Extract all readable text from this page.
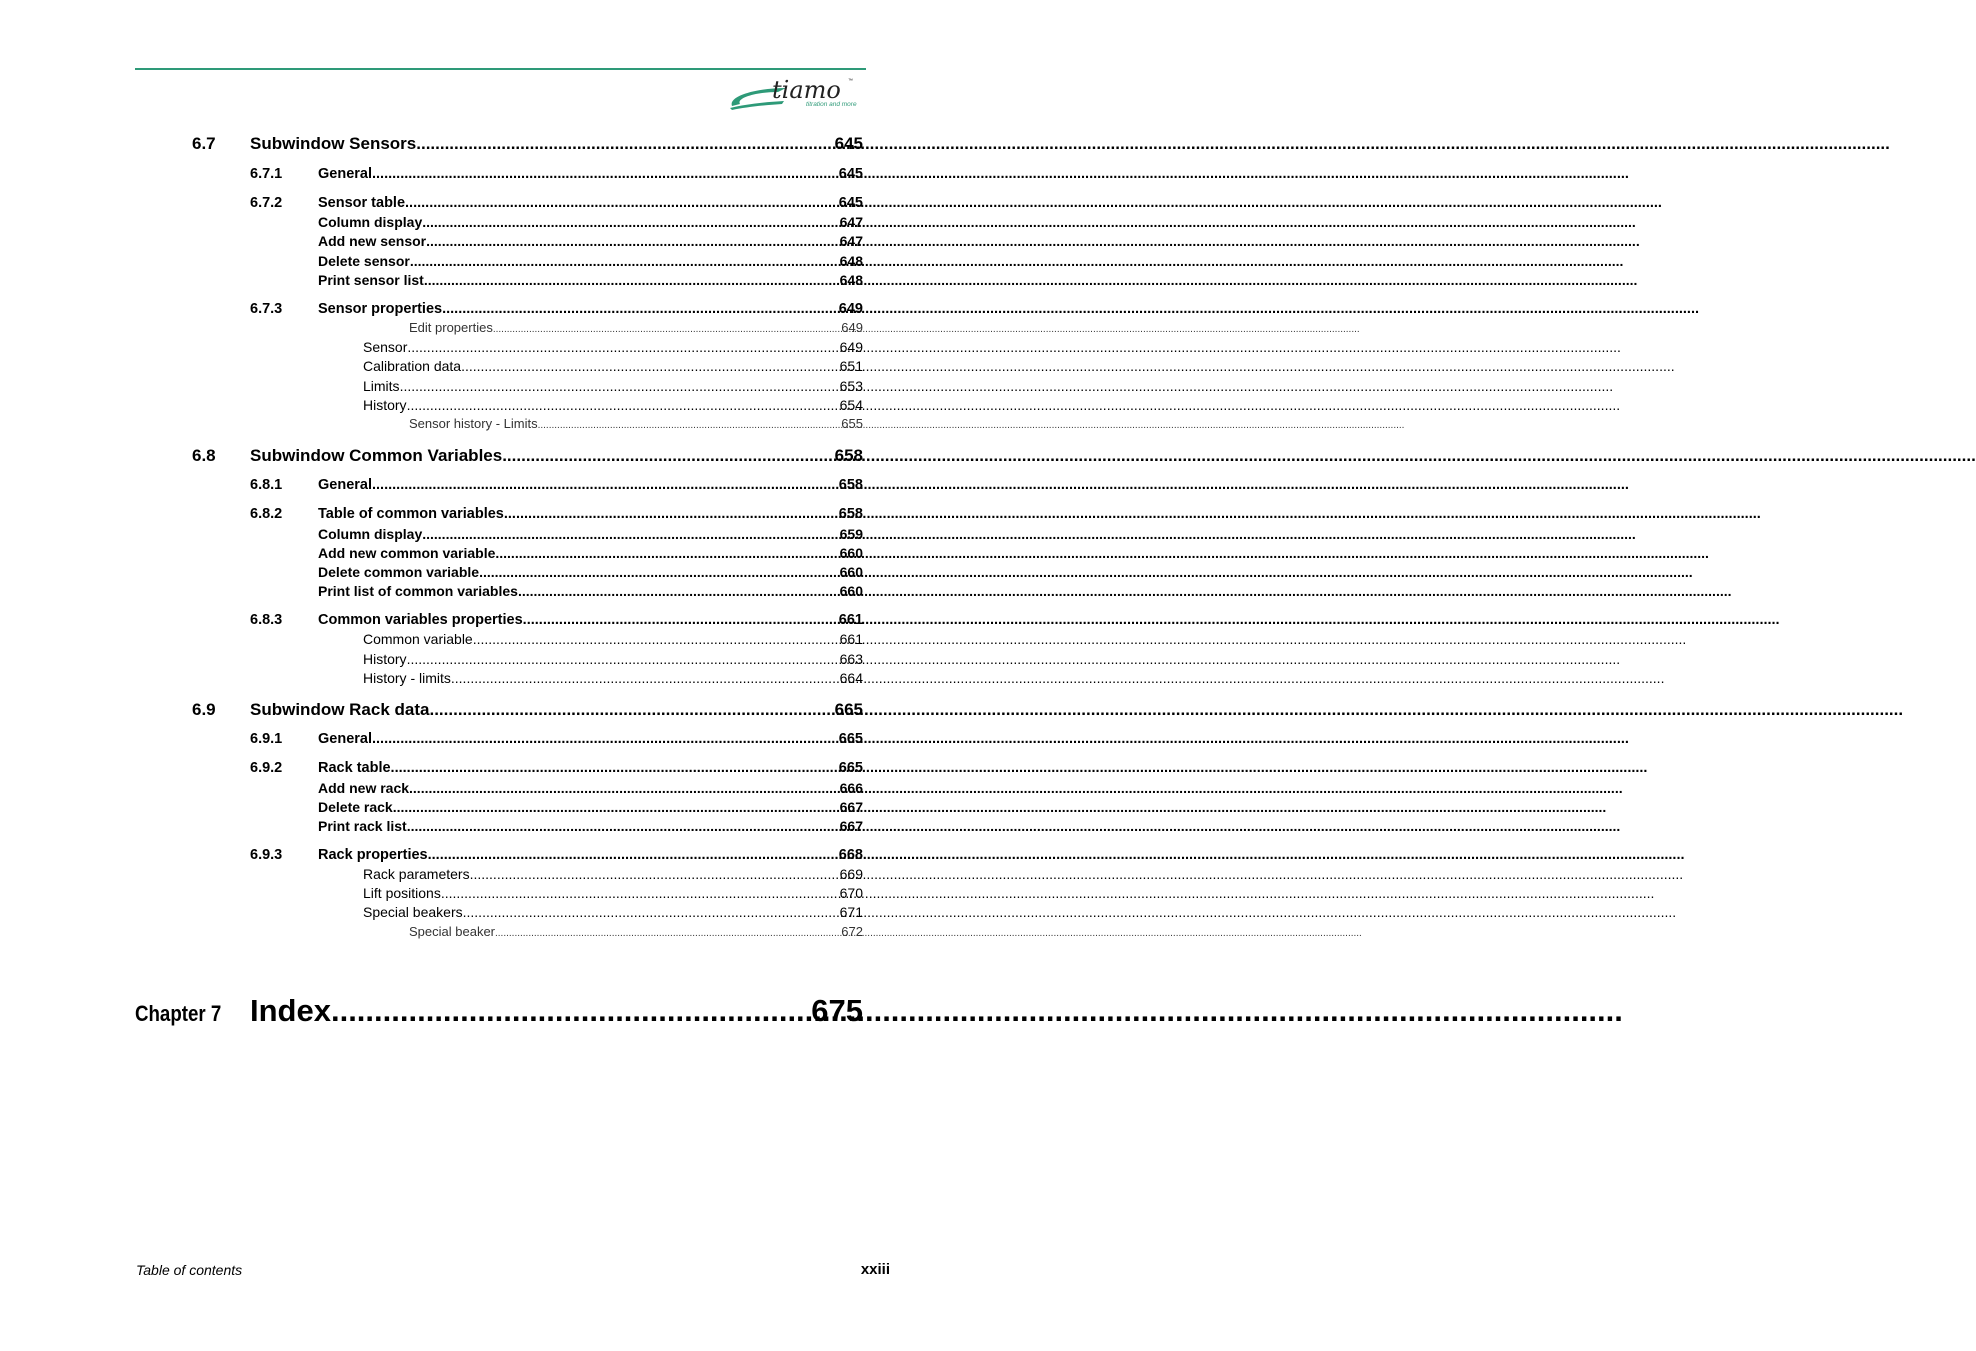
tiamo ™
titration and more
6.7 Subwindow Sensors .....	645
6.7.1 General .....	645
6.7.2 Sensor table .....	645
Column display .....	647
Add new sensor .....	647
Delete sensor .....	648
Print sensor list .....	648
6.7.3 Sensor properties .....	649
Edit properties .....	649
Sensor .....	649
Calibration data .....	651
Limits .....	653
History .....	654
Sensor history - Limits .....	655
6.8 Subwindow Common Variables .....	658
6.8.1 General .....	658
6.8.2 Table of common variables .....	658
Column display .....	659
Add new common variable .....	660
Delete common variable .....	660
Print list of common variables .....	660
6.8.3 Common variables properties .....	661
Common variable .....	661
History .....	663
History - limits .....	664
6.9 Subwindow Rack data .....	665
6.9.1 General .....	665
6.9.2 Rack table .....	665
Add new rack .....	666
Delete rack .....	667
Print rack list .....	667
6.9.3 Rack properties .....	668
Rack parameters .....	669
Lift positions .....	670
Special beakers .....	671
Special beaker .....	672
Chapter 7 Index .....	675
Table of contents	xxiii
